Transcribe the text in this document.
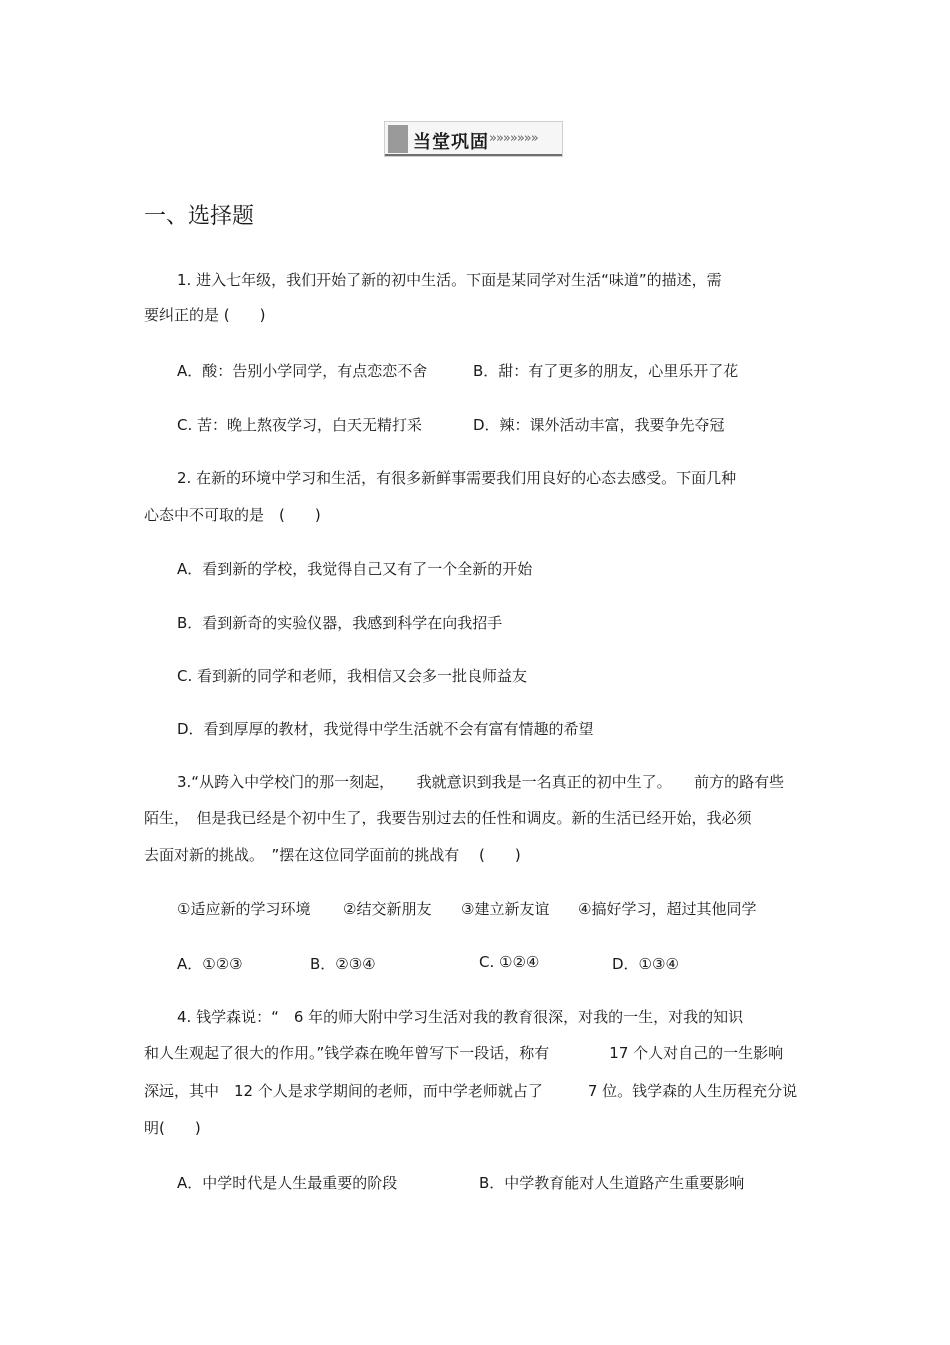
当堂巩固 »»»»»»»
一、选择题
1. 进入七年级，我们开始了新的初中生活。下面是某同学对生活“味道”的描述，需
要纠正的是 (　　)
A．酸：告别小学同学，有点恋恋不舍	B．甜：有了更多的朋友，心里乐开了花
C. 苦：晚上熬夜学习，白天无精打采	D．辣：课外活动丰富，我要争先夺冠
2. 在新的环境中学习和生活，有很多新鲜事需要我们用良好的心态去感受。下面几种
心态中不可取的是　(　　)
A．看到新的学校，我觉得自己又有了一个全新的开始
B．看到新奇的实验仪器，我感到科学在向我招手
C. 看到新的同学和老师，我相信又会多一批良师益友
D．看到厚厚的教材，我觉得中学生活就不会有富有情趣的希望
3.“从跨入中学校门的那一刻起，　　我就意识到我是一名真正的初中生了。　　前方的路有些
陌生，　但是我已经是个初中生了，我要告别过去的任性和调皮。新的生活已经开始，我必须
去面对新的挑战。　”摆在这位同学面前的挑战有　 (　　)
①适应新的学习环境 ②结交新朋友 ③建立新友谊 ④搞好学习，超过其他同学
A．①②③	B．②③④	C. ①②④	D．①③④
4. 钱学森说：“　6 年的师大附中学习生活对我的教育很深，对我的一生，对我的知识
和人生观起了很大的作用。”钱学森在晚年曾写下一段话，称有　　　　17 个人对自己的一生影响
深远，其中　12 个人是求学期间的老师，而中学老师就占了　　　7 位。钱学森的人生历程充分说
明(　　)
A．中学时代是人生最重要的阶段	B．中学教育能对人生道路产生重要影响
